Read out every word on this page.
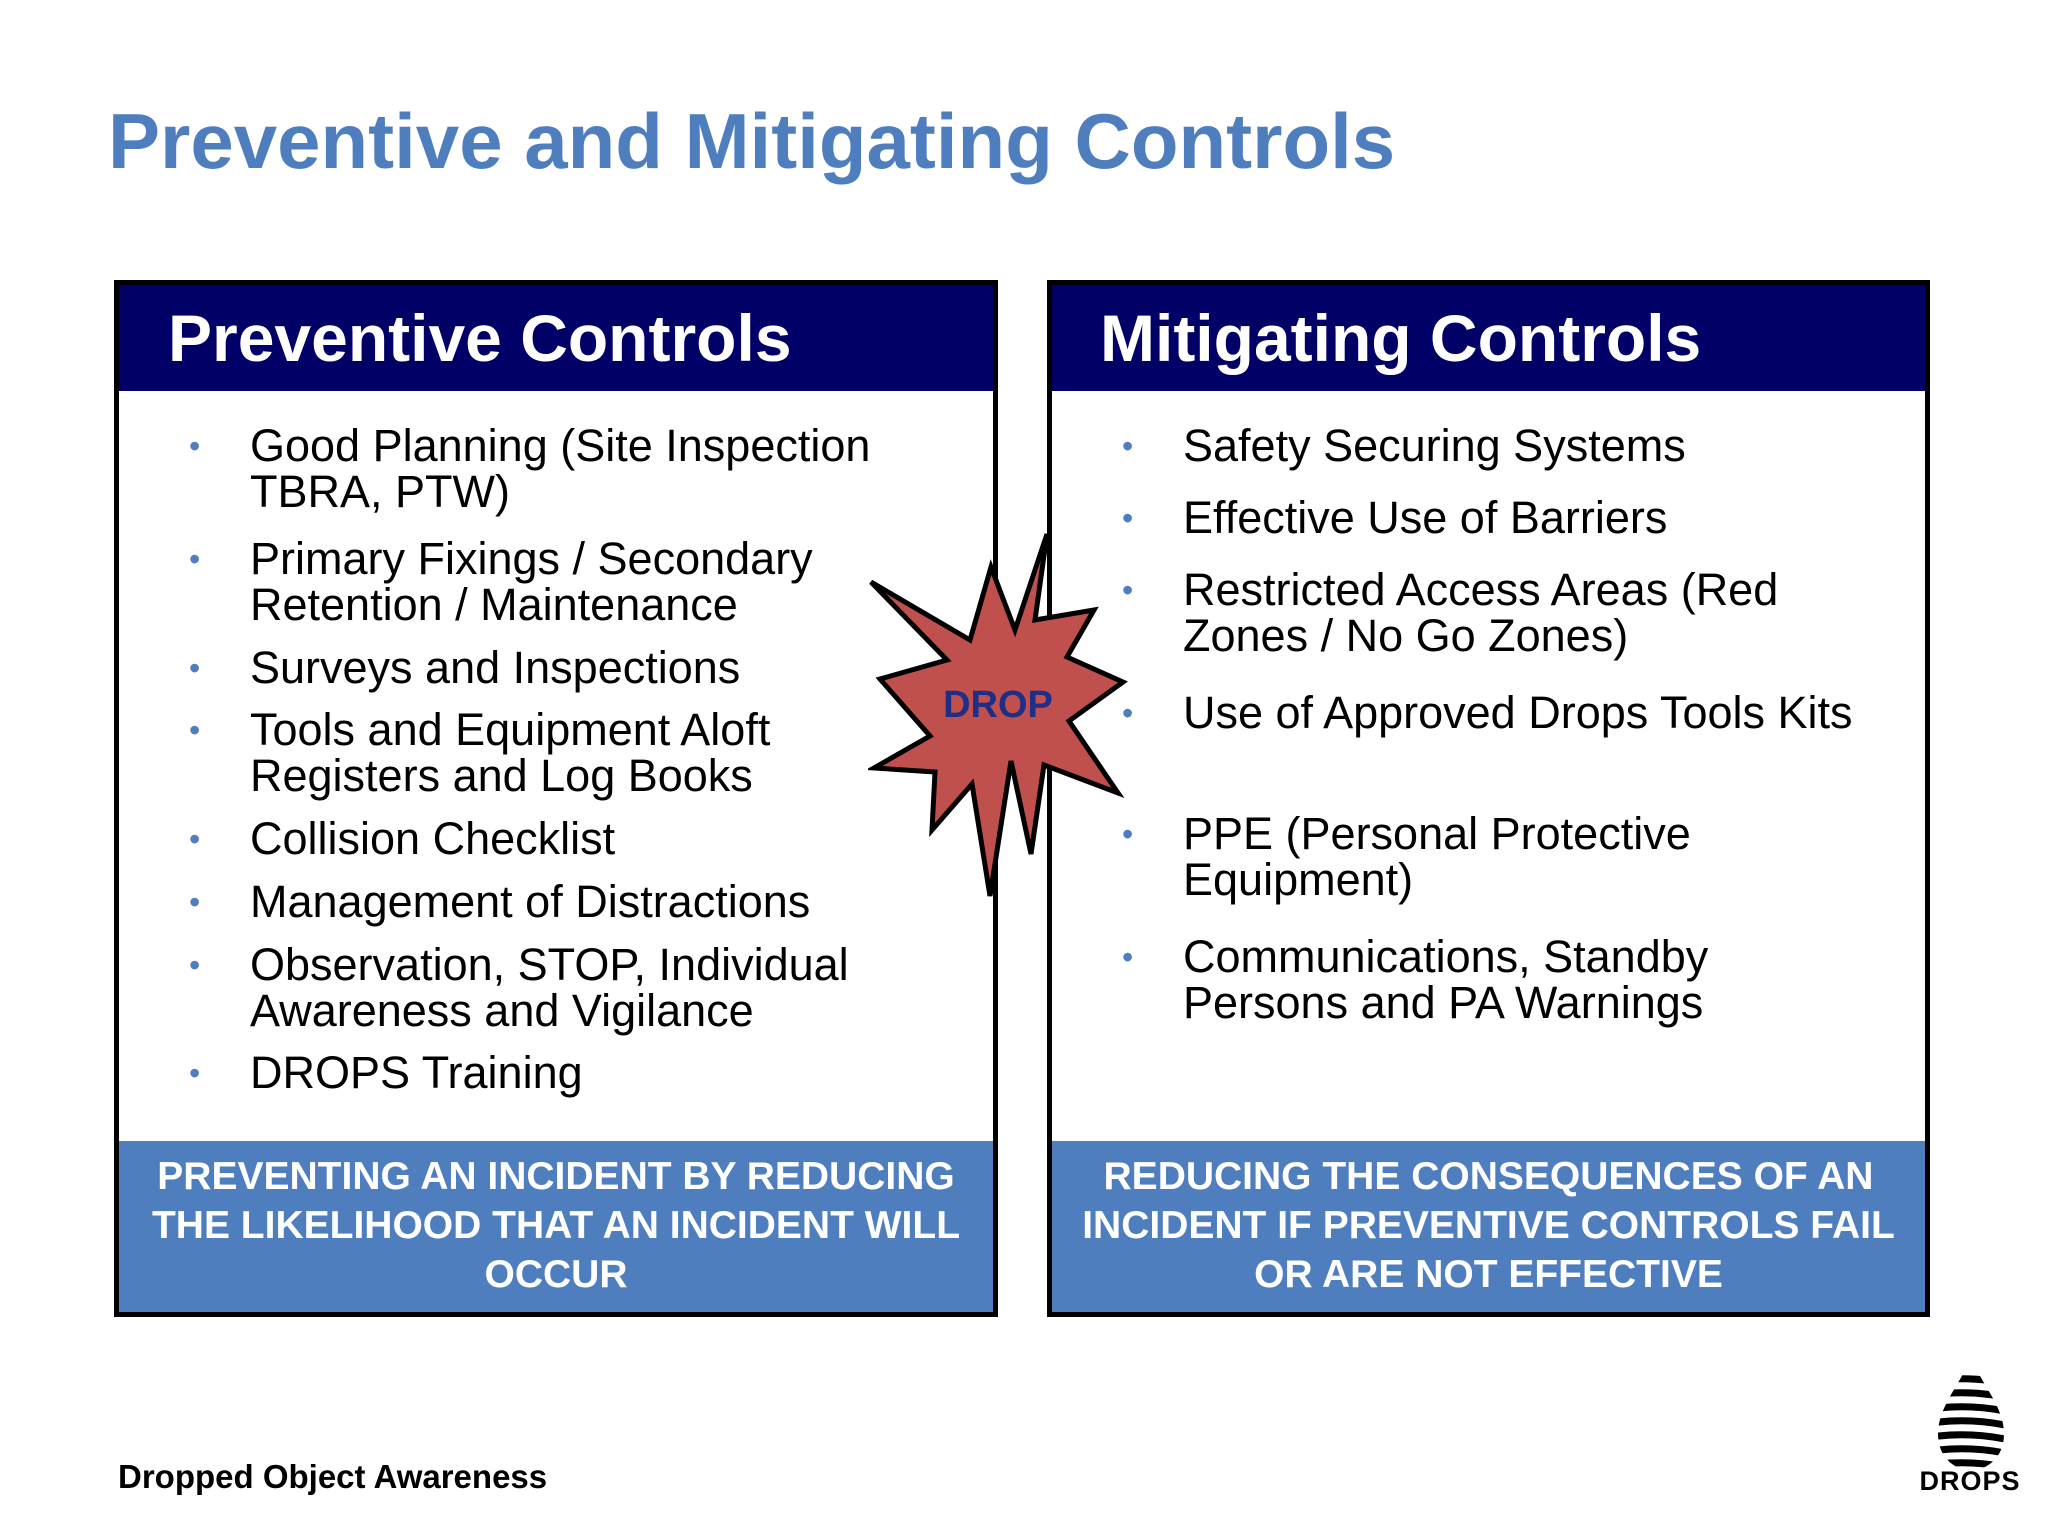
Preventive and Mitigating Controls
Preventive Controls
• Good Planning (Site Inspection TBRA, PTW)
• Primary Fixings / Secondary Retention / Maintenance
• Surveys and Inspections
• Tools and Equipment Aloft Registers and Log Books
• Collision Checklist
• Management of Distractions
• Observation, STOP, Individual Awareness and Vigilance
• DROPS Training
PREVENTING AN INCIDENT BY REDUCING THE LIKELIHOOD THAT AN INCIDENT WILL OCCUR
Mitigating Controls
• Safety Securing Systems
• Effective Use of Barriers
• Restricted Access Areas (Red Zones / No Go Zones)
• Use of Approved Drops Tools Kits
• PPE (Personal Protective Equipment)
• Communications, Standby Persons and PA Warnings
REDUCING THE CONSEQUENCES OF AN INCIDENT IF PREVENTIVE CONTROLS FAIL OR ARE NOT EFFECTIVE
DROP
Dropped Object Awareness	DROPS
